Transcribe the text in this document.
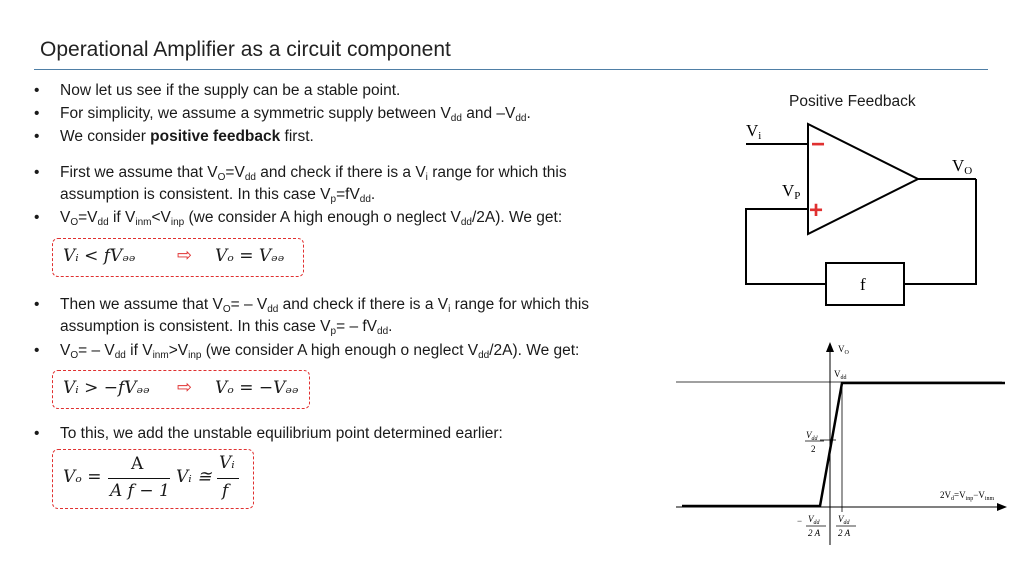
Operational Amplifier as a circuit component
• Now let us see if the supply can be a stable point.
• For simplicity, we assume a symmetric supply between $V_{dd}$ and $-V_{dd}$.
• We consider positive feedback first.
• First we assume that $V_O=V_{dd}$ and check if there is a $V_i$ range for which this
assumption is consistent. In this case $V_p=fV_{dd}$.
• $V_O=V_{dd}$ if $V_{inm}<V_{inp}$ (we consider A high enough o neglect $V_{dd}/2A$). We get:
Vᵢ < fVₔₔ ⇨ Vₒ = Vₔₔ
• Then we assume that $V_O= - V_{dd}$ and check if there is a $V_i$ range for which this
assumption is consistent. In this case $V_p= - fV_{dd}$.
• $V_O= - V_{dd}$ if $V_{inm}>V_{inp}$ (we consider A high enough o neglect $V_{dd}/2A$). We get:
Vᵢ > −fVₔₔ ⇨ Vₒ = −Vₔₔ
• To this, we add the unstable equilibrium point determined earlier:
Vₒ =
A
A f − 1
Vᵢ ≅
Vᵢ
f
Positive Feedback
Vi
VP
VO
−
+
f
$V_O$
$V_{dd}$
$V_{dd}$
2
$2V_d=V_{inp}-V_{inm}$
− $V_{dd}$
2 A
$V_{dd}$
2 A
